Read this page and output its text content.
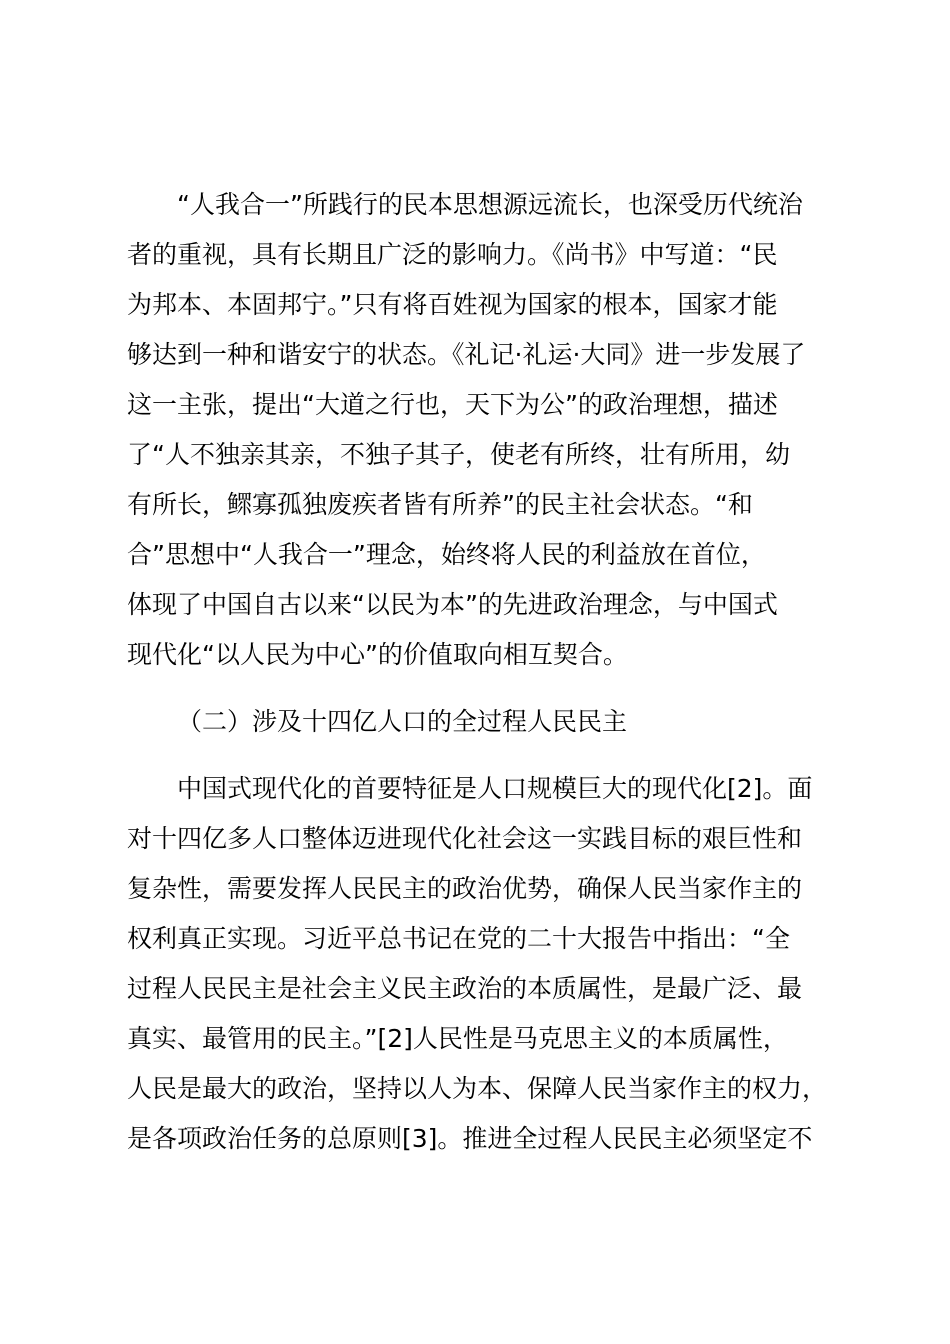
“人我合一”所践行的民本思想源远流长，也深受历代统治
者的重视，具有长期且广泛的影响力。《尚书》中写道：“民
为邦本、本固邦宁。”只有将百姓视为国家的根本，国家才能
够达到一种和谐安宁的状态。《礼记·礼运·大同》进一步发展了
这一主张，提出“大道之行也，天下为公”的政治理想，描述
了“人不独亲其亲，不独子其子，使老有所终，壮有所用，幼
有所长，鳏寡孤独废疾者皆有所养”的民主社会状态。“和
合”思想中“人我合一”理念，始终将人民的利益放在首位，
体现了中国自古以来“以民为本”的先进政治理念，与中国式
现代化“以人民为中心”的价值取向相互契合。
（二）涉及十四亿人口的全过程人民民主
中国式现代化的首要特征是人口规模巨大的现代化[2]。面
对十四亿多人口整体迈进现代化社会这一实践目标的艰巨性和
复杂性，需要发挥人民民主的政治优势，确保人民当家作主的
权利真正实现。习近平总书记在党的二十大报告中指出：“全
过程人民民主是社会主义民主政治的本质属性，是最广泛、最
真实、最管用的民主。”[2]人民性是马克思主义的本质属性，
人民是最大的政治，坚持以人为本、保障人民当家作主的权力，
是各项政治任务的总原则[3]。推进全过程人民民主必须坚定不
